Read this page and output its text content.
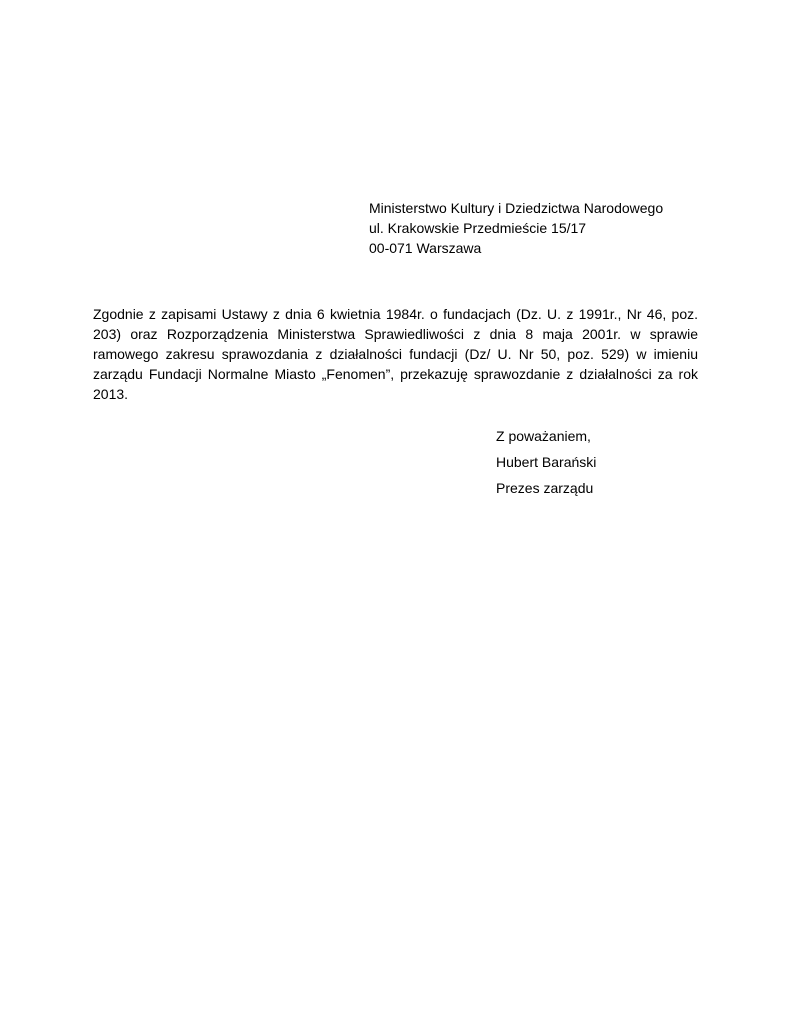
Ministerstwo Kultury i Dziedzictwa Narodowego
ul. Krakowskie Przedmieście 15/17
00-071 Warszawa
Zgodnie z zapisami Ustawy z dnia 6 kwietnia 1984r. o fundacjach (Dz. U. z 1991r., Nr 46, poz. 203) oraz Rozporządzenia Ministerstwa Sprawiedliwości z dnia 8 maja 2001r. w sprawie ramowego zakresu sprawozdania z działalności fundacji (Dz/ U. Nr 50, poz. 529) w imieniu zarządu Fundacji Normalne Miasto „Fenomen”, przekazuję sprawozdanie z działalności za rok 2013.
Z poważaniem,
Hubert Barański
Prezes zarządu
